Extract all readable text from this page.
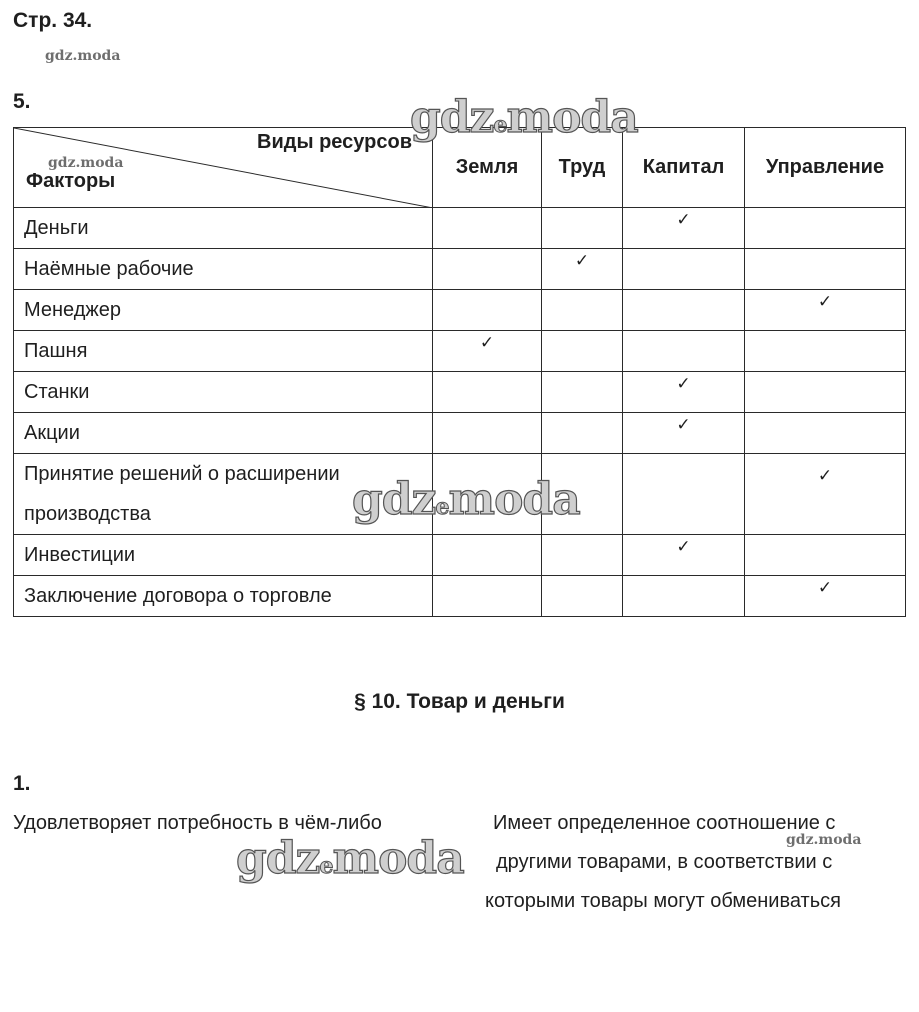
Стр. 34.
gdz.moda
5.
Виды ресурсов
Факторы	Земля	Труд	Капитал	Управление
Деньги			✓	

Наёмные рабочие		✓		

Менеджер				✓

Пашня	✓			

Станки			✓	

Акции			✓	

Принятие решений о расширении
производства				✓

Инвестиции			✓	

Заключение договора о торговле				✓
gdz.moda
gdzemoda
gdzemoda
§ 10. Товар и деньги
1.
Удовлетворяет потребность в чём-либо	Имеет определенное соотношение с
другими товарами, в соответствии с
которыми товары могут обмениваться
gdz.moda
gdzemoda
